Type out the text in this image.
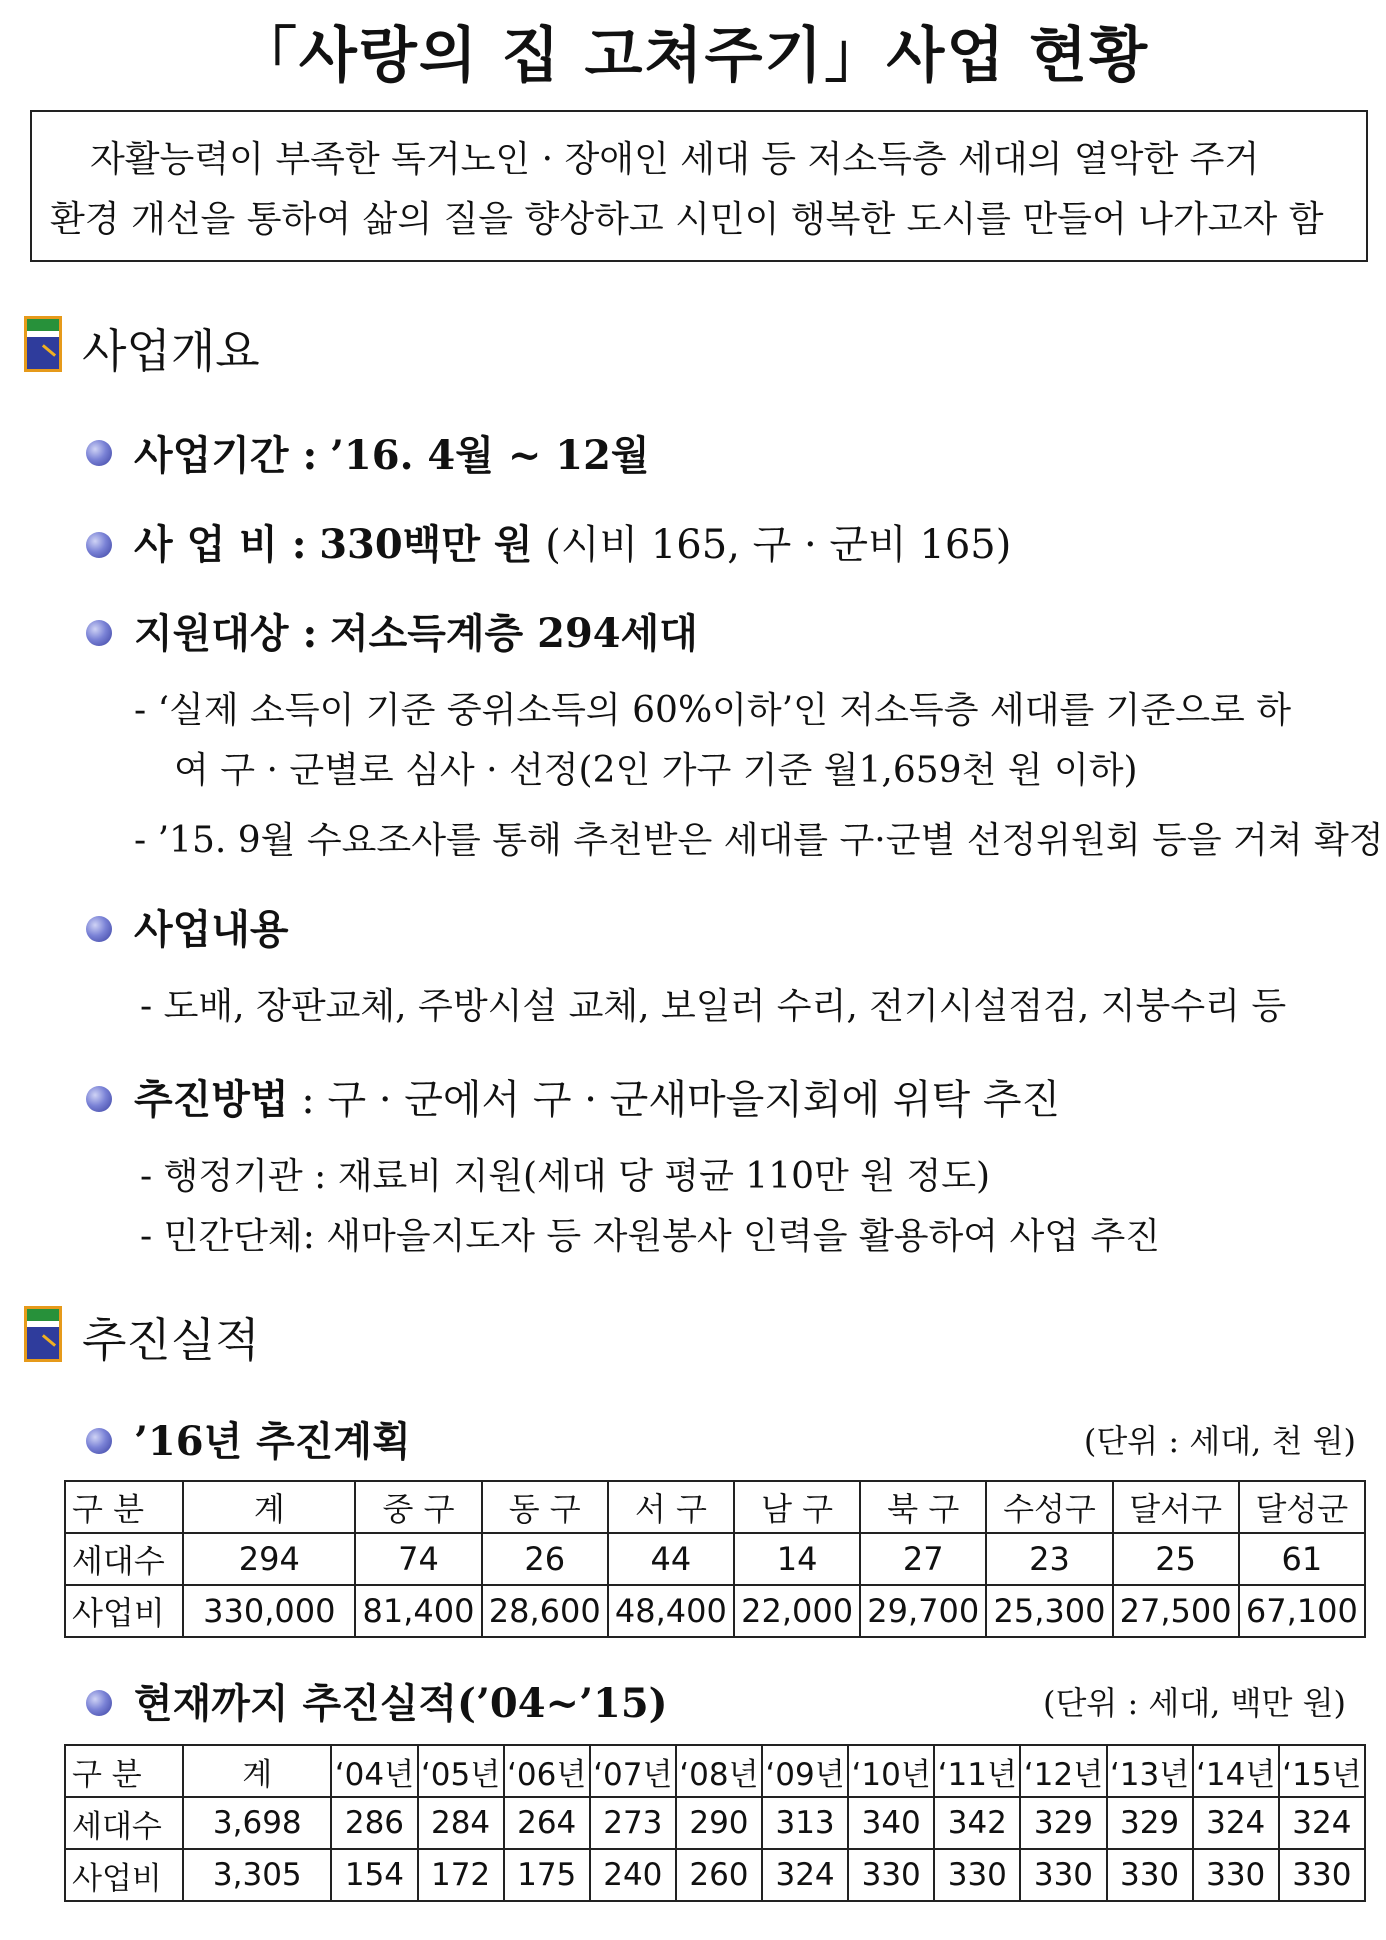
「사랑의 집 고쳐주기」사업 현황
자활능력이 부족한 독거노인 · 장애인 세대 등 저소득층 세대의 열악한 주거
환경 개선을 통하여 삶의 질을 향상하고 시민이 행복한 도시를 만들어 나가고자 함
사업개요
사업기간 : ’16. 4월 ~ 12월
사 업 비 : 330백만 원 (시비 165, 구 · 군비 165)
지원대상 : 저소득계층 294세대
- ‘실제 소득이 기준 중위소득의 60%이하’인 저소득층 세대를 기준으로 하
여 구 · 군별로 심사 · 선정(2인 가구 기준 월1,659천 원 이하)
- ’15. 9월 수요조사를 통해 추천받은 세대를 구·군별 선정위원회 등을 거쳐 확정
사업내용
- 도배, 장판교체, 주방시설 교체, 보일러 수리, 전기시설점검, 지붕수리 등
추진방법 : 구 · 군에서 구 · 군새마을지회에 위탁 추진
- 행정기관 : 재료비 지원(세대 당 평균 110만 원 정도)
- 민간단체: 새마을지도자 등 자원봉사 인력을 활용하여 사업 추진
추진실적
’16년 추진계획	(단위 : 세대, 천 원)
구 분	계	중 구	동 구	서 구	남 구	북 구	수성구	달서구	달성군
세대수	294	74	26	44	14	27	23	25	61
사업비	330,000	81,400	28,600	48,400	22,000	29,700	25,300	27,500	67,100
현재까지 추진실적(’04~’15)	(단위 : 세대, 백만 원)
구 분	계	‘04년	‘05년	‘06년	‘07년	‘08년	‘09년	‘10년	‘11년	‘12년	‘13년	‘14년	‘15년
세대수	3,698	286	284	264	273	290	313	340	342	329	329	324	324
사업비	3,305	154	172	175	240	260	324	330	330	330	330	330	330
